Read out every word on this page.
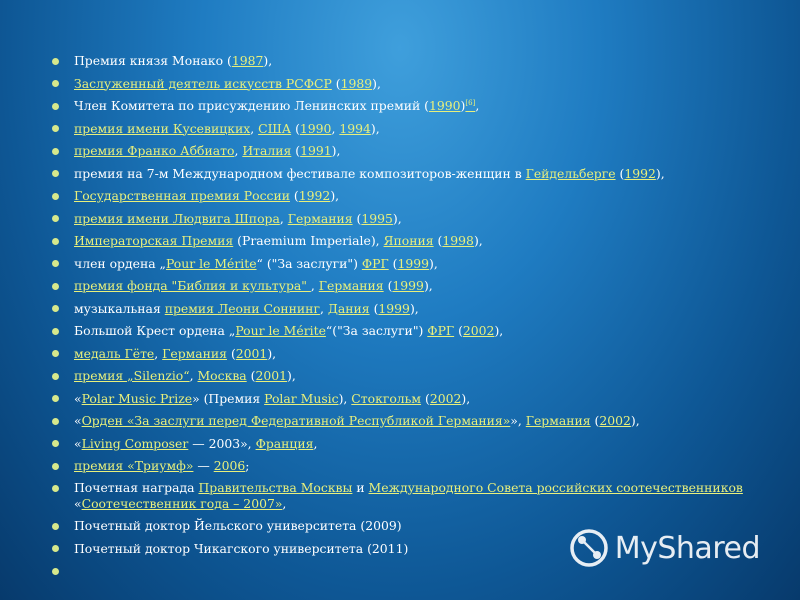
Премия князя Монако (1987),
Заслуженный деятель искусств РСФСР (1989),
Член Комитета по присуждению Ленинских премий (1990)[6],
премия имени Кусевицких, США (1990, 1994),
премия Франко Аббиато, Италия (1991),
премия на 7-м Международном фестивале композиторов-женщин в Гейдельберге (1992),
Государственная премия России (1992),
премия имени Людвига Шпора, Германия (1995),
Императорская Премия (Praemium Imperiale), Япония (1998),
член ордена „Pour le Mérite“ ("За заслуги") ФРГ (1999),
премия фонда "Библия и культура" , Германия (1999),
музыкальная премия Леони Соннинг, Дания (1999),
Большой Крест ордена „Pour le Mérite“("За заслуги") ФРГ (2002),
медаль Гёте, Германия (2001),
премия „Silenzio“, Москва (2001),
«Polar Music Prize» (Премия Polar Music), Стокгольм (2002),
«Орден «За заслуги перед Федеративной Республикой Германия»», Германия (2002),
«Living Composer — 2003», Франция,
премия «Триумф» — 2006;
Почетная награда Правительства Москвы и Международного Совета российских соотечественников «Соотечественник года – 2007»,
Почетный доктор Йельского университета (2009)
Почетный доктор Чикагского университета (2011)	MyShared
